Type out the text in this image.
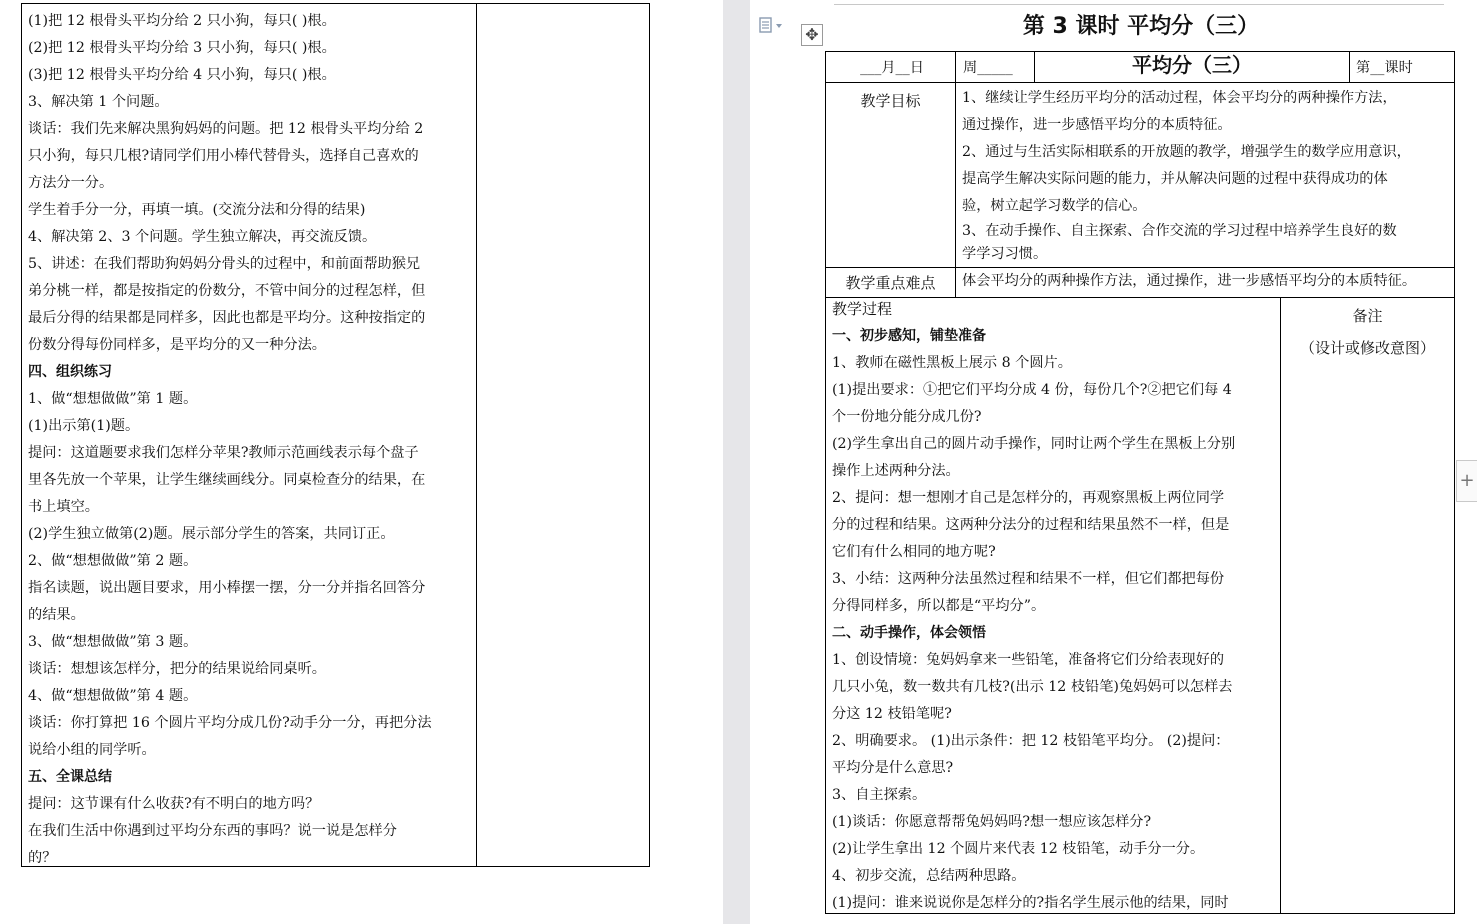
(1)把 12 根骨头平均分给 2 只小狗，每只( )根。

(2)把 12 根骨头平均分给 3 只小狗，每只( )根。

(3)把 12 根骨头平均分给 4 只小狗，每只( )根。

3、解决第 1 个问题。

谈话：我们先来解决黑狗妈妈的问题。把 12 根骨头平均分给 2

只小狗，每只几根?请同学们用小棒代替骨头，选择自己喜欢的

方法分一分。

学生着手分一分，再填一填。(交流分法和分得的结果)

4、解决第 2、3 个问题。学生独立解决，再交流反馈。

5、讲述：在我们帮助狗妈妈分骨头的过程中，和前面帮助猴兄

弟分桃一样，都是按指定的份数分，不管中间分的过程怎样，但

最后分得的结果都是同样多，因此也都是平均分。这种按指定的

份数分得每份同样多，是平均分的又一种分法。

四、组织练习

1、做“想想做做”第 1 题。

(1)出示第(1)题。

提问：这道题要求我们怎样分苹果?教师示范画线表示每个盘子

里各先放一个苹果，让学生继续画线分。同桌检查分的结果，在

书上填空。

(2)学生独立做第(2)题。展示部分学生的答案，共同订正。

2、做“想想做做”第 2 题。

指名读题，说出题目要求，用小棒摆一摆，分一分并指名回答分

的结果。

3、做“想想做做”第 3 题。

谈话：想想该怎样分，把分的结果说给同桌听。

4、做“想想做做”第 4 题。

谈话：你打算把 16 个圆片平均分成几份?动手分一分，再把分法

说给小组的同学听。

五、全课总结

提问：这节课有什么收获?有不明白的地方吗？

在我们生活中你遇到过平均分东西的事吗？说一说是怎样分

的？

✥	第 3 课时 平均分（三）
___月__日	周_____	平均分（三）	第__课时
教学目标	1、继续让学生经历平均分的活动过程，体会平均分的两种操作方法，

通过操作，进一步感悟平均分的本质特征。

2、通过与生活实际相联系的开放题的教学，增强学生的数学应用意识，

提高学生解决实际问题的能力，并从解决问题的过程中获得成功的体

验，树立起学习数学的信心。

3、在动手操作、自主探索、合作交流的学习过程中培养学生良好的数

学学习习惯。

教学重点难点	体会平均分的两种操作方法，通过操作，进一步感悟平均分的本质特征。
教学过程	备注
（设计或修改意图）

一、初步感知，铺垫准备

1、教师在磁性黑板上展示 8 个圆片。

(1)提出要求：①把它们平均分成 4 份，每份几个?②把它们每 4

个一份地分能分成几份?

(2)学生拿出自己的圆片动手操作，同时让两个学生在黑板上分别

操作上述两种分法。

2、提问：想一想刚才自己是怎样分的，再观察黑板上两位同学

分的过程和结果。这两种分法分的过程和结果虽然不一样，但是

它们有什么相同的地方呢?

3、小结：这两种分法虽然过程和结果不一样，但它们都把每份

分得同样多，所以都是“平均分”。

二、动手操作，体会领悟

1、创设情境：兔妈妈拿来一些铅笔，准备将它们分给表现好的

几只小兔，数一数共有几枝?(出示 12 枝铅笔)兔妈妈可以怎样去

分这 12 枝铅笔呢?

2、明确要求。 (1)出示条件：把 12 枝铅笔平均分。 (2)提问：

平均分是什么意思?

3、自主探索。

(1)谈话：你愿意帮帮兔妈妈吗?想一想应该怎样分?

(2)让学生拿出 12 个圆片来代表 12 枝铅笔，动手分一分。

4、初步交流，总结两种思路。

(1)提问：谁来说说你是怎样分的?指名学生展示他的结果，同时

+
